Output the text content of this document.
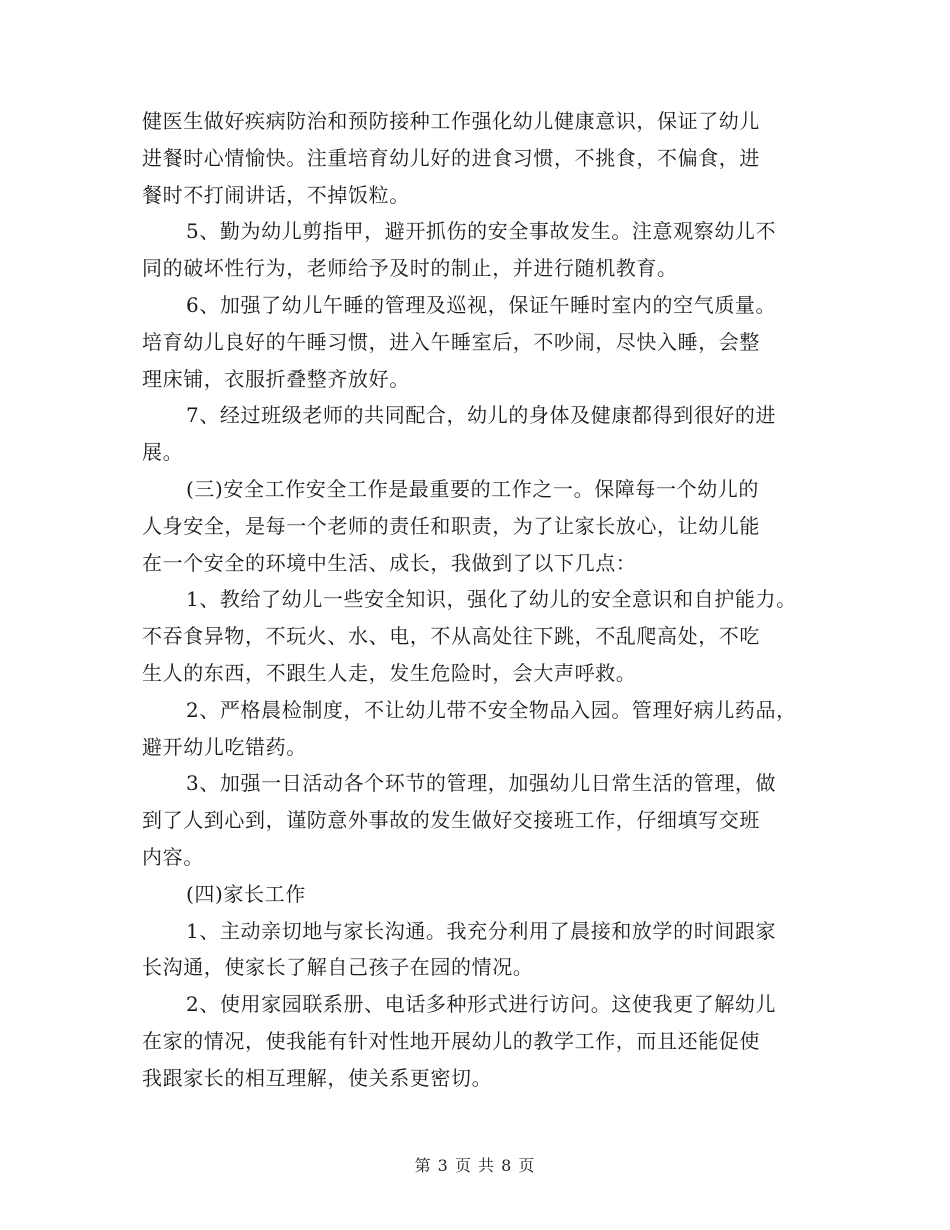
健医生做好疾病防治和预防接种工作强化幼儿健康意识，保证了幼儿
进餐时心情愉快。注重培育幼儿好的进食习惯，不挑食，不偏食，进
餐时不打闹讲话，不掉饭粒。
5、勤为幼儿剪指甲，避开抓伤的安全事故发生。注意观察幼儿不
同的破坏性行为，老师给予及时的制止，并进行随机教育。
6、加强了幼儿午睡的管理及巡视，保证午睡时室内的空气质量。
培育幼儿良好的午睡习惯，进入午睡室后，不吵闹，尽快入睡，会整
理床铺，衣服折叠整齐放好。
7、经过班级老师的共同配合，幼儿的身体及健康都得到很好的进
展。
(三)安全工作安全工作是最重要的工作之一。保障每一个幼儿的
人身安全，是每一个老师的责任和职责，为了让家长放心，让幼儿能
在一个安全的环境中生活、成长，我做到了以下几点：
1、教给了幼儿一些安全知识，强化了幼儿的安全意识和自护能力。
不吞食异物，不玩火、水、电，不从高处往下跳，不乱爬高处，不吃
生人的东西，不跟生人走，发生危险时，会大声呼救。
2、严格晨检制度，不让幼儿带不安全物品入园。管理好病儿药品，
避开幼儿吃错药。
3、加强一日活动各个环节的管理，加强幼儿日常生活的管理，做
到了人到心到，谨防意外事故的发生做好交接班工作，仔细填写交班
内容。
(四)家长工作
1、主动亲切地与家长沟通。我充分利用了晨接和放学的时间跟家
长沟通，使家长了解自己孩子在园的情况。
2、使用家园联系册、电话多种形式进行访问。这使我更了解幼儿
在家的情况，使我能有针对性地开展幼儿的教学工作，而且还能促使
我跟家长的相互理解，使关系更密切。
第 3 页 共 8 页
